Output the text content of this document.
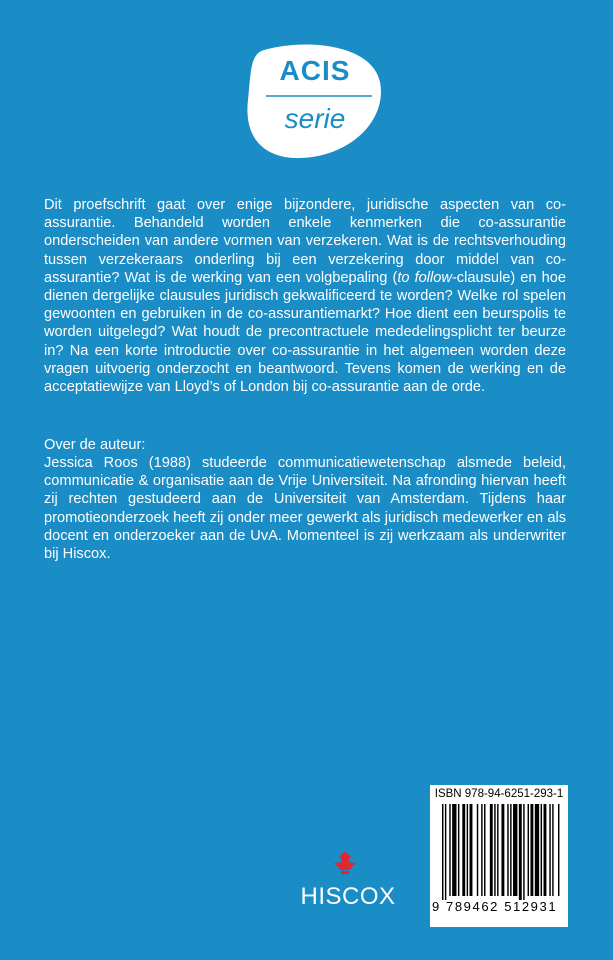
ACIS
serie

Dit proefschrift gaat over enige bijzondere, juridische aspecten van co-assurantie. Behandeld worden enkele kenmerken die co-assurantie onderscheiden van andere vormen van verzekeren. Wat is de rechtsverhouding tussen verzekeraars onderling bij een verzekering door middel van co-assurantie? Wat is de werking van een volgbepaling (to follow-clausule) en hoe dienen dergelijke clausules juridisch gekwalificeerd te worden? Welke rol spelen gewoonten en gebruiken in de co-assurantiemarkt? Hoe dient een beurspolis te worden uitgelegd? Wat houdt de precontractuele mededelingsplicht ter beurze in? Na een korte introductie over co-assurantie in het algemeen worden deze vragen uitvoerig onderzocht en beantwoord. Tevens komen de werking en de acceptatiewijze van Lloyd’s of London bij co-assurantie aan de orde.

Over de auteur:

Jessica Roos (1988) studeerde communicatiewetenschap alsmede beleid, communicatie & organisatie aan de Vrije Universiteit. Na afronding hiervan heeft zij rechten gestudeerd aan de Universiteit van Amsterdam. Tijdens haar promotieonderzoek heeft zij onder meer gewerkt als juridisch medewerker en als docent en onderzoeker aan de UvA. Momenteel is zij werkzaam als underwriter bij Hiscox.

HISCOX
ISBN 978-94-6251-293-1
9 789462 512931
